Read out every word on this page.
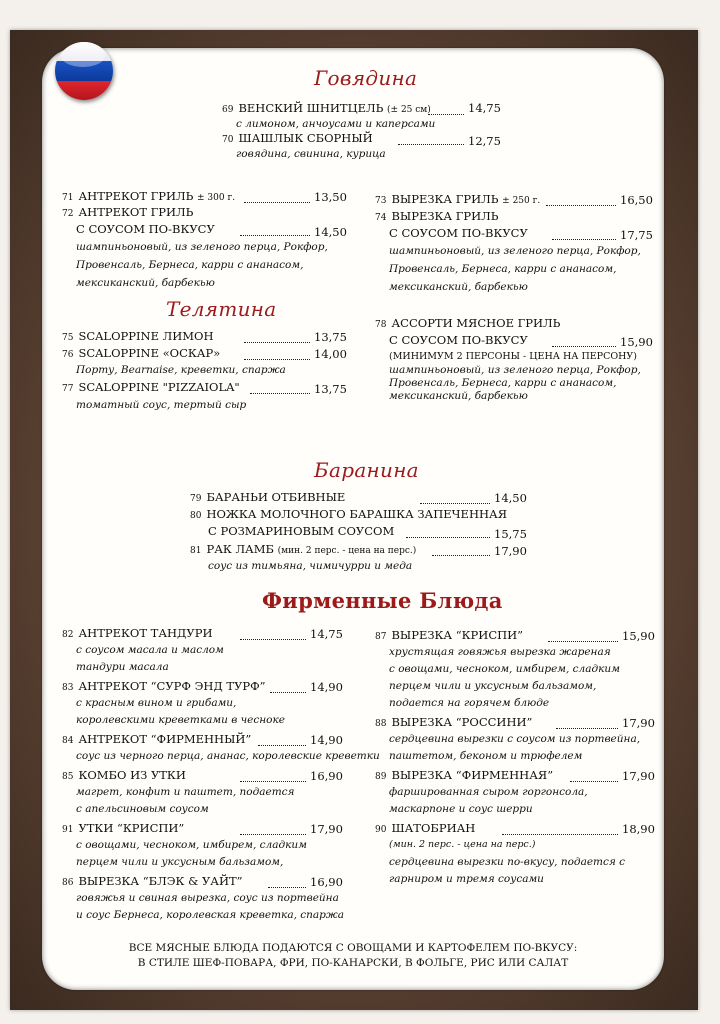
Говядина
Телятина
Баранина
Фирменные Блюда
69 ВЕНСКИЙ ШНИТЦЕЛЬ (± 25 см)	14,75
с лимоном, анчоусами и каперсами
70 ШАШЛЫК СБОРНЫЙ	12,75
говядина, свинина, курица
71 АНТРЕКОТ ГРИЛЬ ± 300 г.	13,50
72 АНТРЕКОТ ГРИЛЬ
С СОУСОМ ПО-ВКУСУ	14,50
шампиньоновый, из зеленого перца, Рокфор,
Провенсаль, Бернеса, карри с ананасом,
мексиканский, барбекью
75 SCALOPPINE ЛИМОН	13,75
76 SCALOPPINE «ОСКАР»	14,00
Порту, Bearnaise, креветки, спаржа
77 SCALOPPINE "PIZZAIOLA"	13,75
томатный соус, тертый сыр
73 ВЫРЕЗКА ГРИЛЬ ± 250 г.	16,50
74 ВЫРЕЗКА ГРИЛЬ
С СОУСОМ ПО-ВКУСУ	17,75
шампиньоновый, из зеленого перца, Рокфор,
Провенсаль, Бернеса, карри с ананасом,
мексиканский, барбекью
78 АССОРТИ МЯСНОЕ ГРИЛЬ
С СОУСОМ ПО-ВКУСУ	15,90
(МИНИМУМ 2 ПЕРСОНЫ - ЦЕНА НА ПЕРСОНУ)
шампиньоновый, из зеленого перца, Рокфор,
Провенсаль, Бернеса, карри с ананасом,
мексиканский, барбекью
79 БАРАНЬИ ОТБИВНЫЕ	14,50
80 НОЖКА МОЛОЧНОГО БАРАШКА ЗАПЕЧЕННАЯ
С РОЗМАРИНОВЫМ СОУСОМ	15,75
81 РАК ЛАМБ (мин. 2 перс. - цена на перс.)	17,90
соус из тимьяна, чимичурри и меда
82 АНТРЕКОТ ТАНДУРИ	14,75
с соусом масала и маслом
тандури масала
83 АНТРЕКОТ “СУРФ ЭНД ТУРФ”	14,90
с красным вином и грибами,
королевскими креветками в чесноке
84 АНТРЕКОТ “ФИРМЕННЫЙ”	14,90
соус из черного перца, ананас, королевские креветки
85 КОМБО ИЗ УТКИ	16,90
магрет, конфит и паштет, подается
с апельсиновым соусом
91 УТКИ “КРИСПИ”	17,90
с овощами, чесноком, имбирем, сладким
перцем чили и уксусным бальзамом,
86 ВЫРЕЗКА “БЛЭК & УАЙТ”	16,90
говяжья и свиная вырезка, соус из портвейна
и соус Бернеса, королевская креветка, спаржа
87 ВЫРЕЗКА “КРИСПИ”	15,90
хрустящая говяжья вырезка жареная
с овощами, чесноком, имбирем, сладким
перцем чили и уксусным бальзамом,
подается на горячем блюде
88 ВЫРЕЗКА “РОССИНИ”	17,90
сердцевина вырезки с соусом из портвейна,
паштетом, беконом и трюфелем
89 ВЫРЕЗКА “ФИРМЕННАЯ”	17,90
фаршированная сыром горгонсола,
маскарпоне и соус шерри
90 ШАТОБРИАН	18,90
(мин. 2 перс. - цена на перс.)
сердцевина вырезки по-вкусу, подается с
гарниром и тремя соусами
ВСЕ МЯСНЫЕ БЛЮДА ПОДАЮТСЯ С ОВОЩАМИ И КАРТОФЕЛЕМ ПО-ВКУСУ:
В СТИЛЕ ШЕФ-ПОВАРА, ФРИ, ПО-КАНАРСКИ, В ФОЛЬГЕ, РИС ИЛИ САЛАТ
